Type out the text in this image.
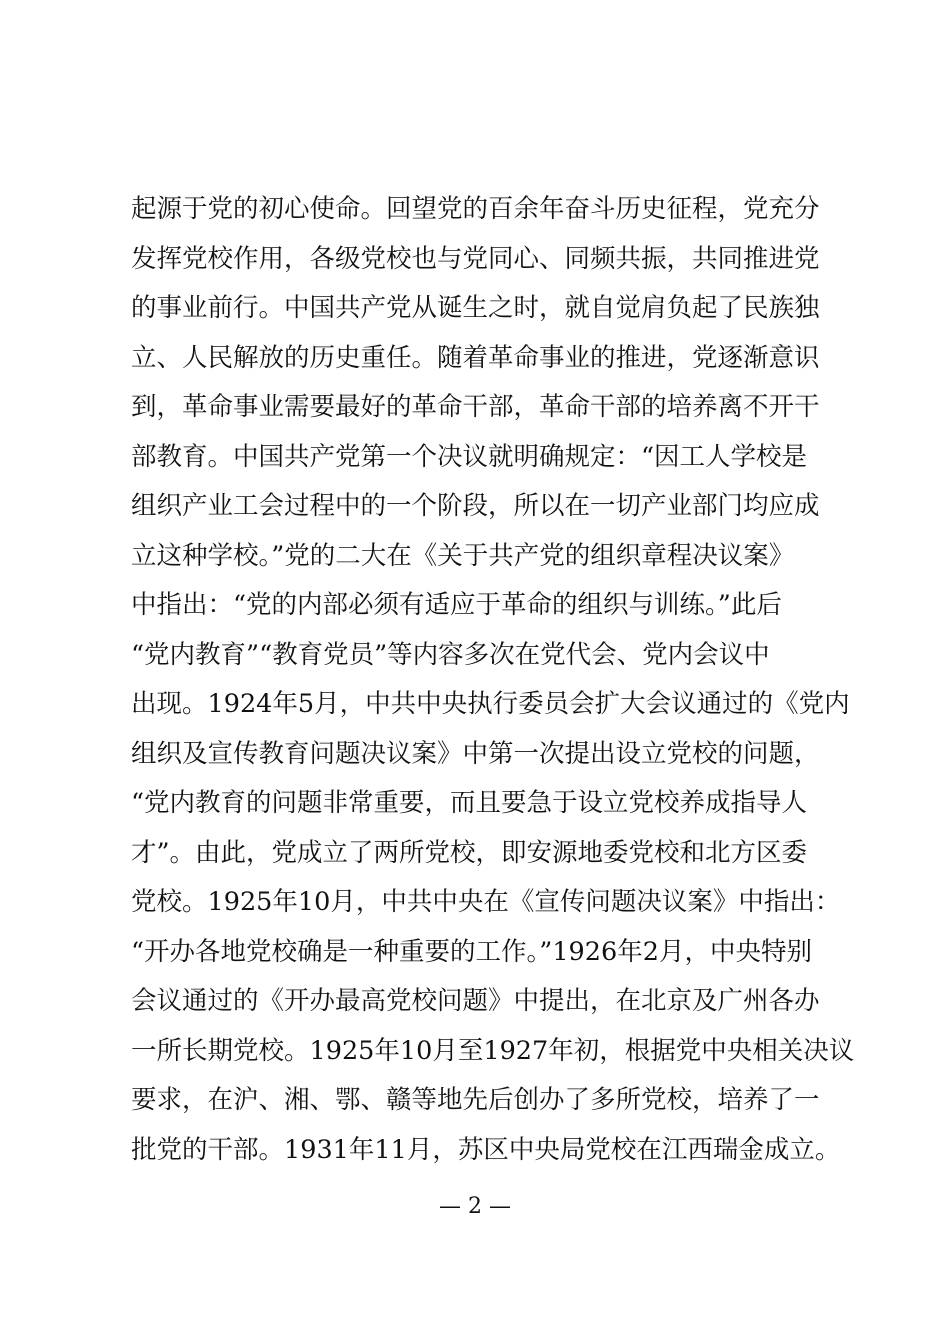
起源于党的初心使命。回望党的百余年奋斗历史征程，党充分
发挥党校作用，各级党校也与党同心、同频共振，共同推进党
的事业前行。中国共产党从诞生之时，就自觉肩负起了民族独
立、人民解放的历史重任。随着革命事业的推进，党逐渐意识
到，革命事业需要最好的革命干部，革命干部的培养离不开干
部教育。中国共产党第一个决议就明确规定：“因工人学校是
组织产业工会过程中的一个阶段，所以在一切产业部门均应成
立这种学校。”党的二大在《关于共产党的组织章程决议案》
中指出：“党的内部必须有适应于革命的组织与训练。”此后
“党内教育”“教育党员”等内容多次在党代会、党内会议中
出现。1924年5月，中共中央执行委员会扩大会议通过的《党内
组织及宣传教育问题决议案》中第一次提出设立党校的问题，
“党内教育的问题非常重要，而且要急于设立党校养成指导人
才”。由此，党成立了两所党校，即安源地委党校和北方区委
党校。1925年10月，中共中央在《宣传问题决议案》中指出：
“开办各地党校确是一种重要的工作。”1926年2月，中央特别
会议通过的《开办最高党校问题》中提出，在北京及广州各办
一所长期党校。1925年10月至1927年初，根据党中央相关决议
要求，在沪、湘、鄂、赣等地先后创办了多所党校，培养了一
批党的干部。1931年11月，苏区中央局党校在江西瑞金成立。
— 2 —
